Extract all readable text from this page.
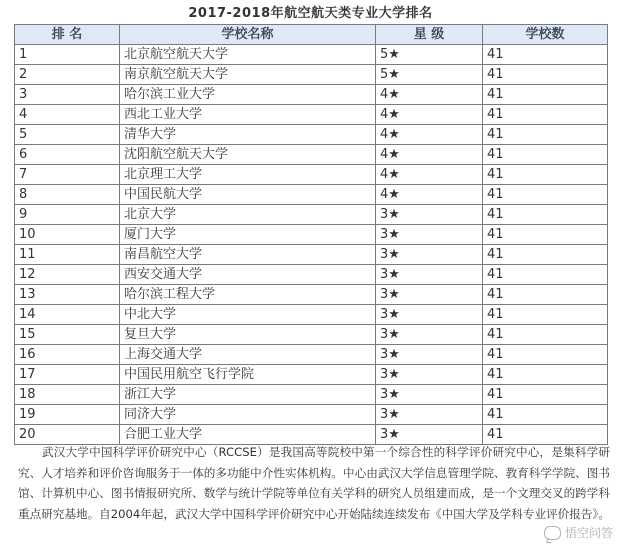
2017-2018年航空航天类专业大学排名
排 名	学校名称	星 级	学校数
1	北京航空航天大学	5★	41
2	南京航空航天大学	5★	41
3	哈尔滨工业大学	4★	41
4	西北工业大学	4★	41
5	清华大学	4★	41
6	沈阳航空航天大学	4★	41
7	北京理工大学	4★	41
8	中国民航大学	4★	41
9	北京大学	3★	41
10	厦门大学	3★	41
11	南昌航空大学	3★	41
12	西安交通大学	3★	41
13	哈尔滨工程大学	3★	41
14	中北大学	3★	41
15	复旦大学	3★	41
16	上海交通大学	3★	41
17	中国民用航空飞行学院	3★	41
18	浙江大学	3★	41
19	同济大学	3★	41
20	合肥工业大学	3★	41

武汉大学中国科学评价研究中心（RCCSE）是我国高等院校中第一个综合性的科学评价研究中心，是集科学研究、人才培养和评价咨询服务于一体的多功能中介性实体机构。中心由武汉大学信息管理学院、教育科学学院、图书馆、计算机中心、图书情报研究所、数学与统计学院等单位有关学科的研究人员组建而成，是一个文理交叉的跨学科重点研究基地。自2004年起，武汉大学中国科学评价研究中心开始陆续连续发布《中国大学及学科专业评价报告》。

悟空问答
